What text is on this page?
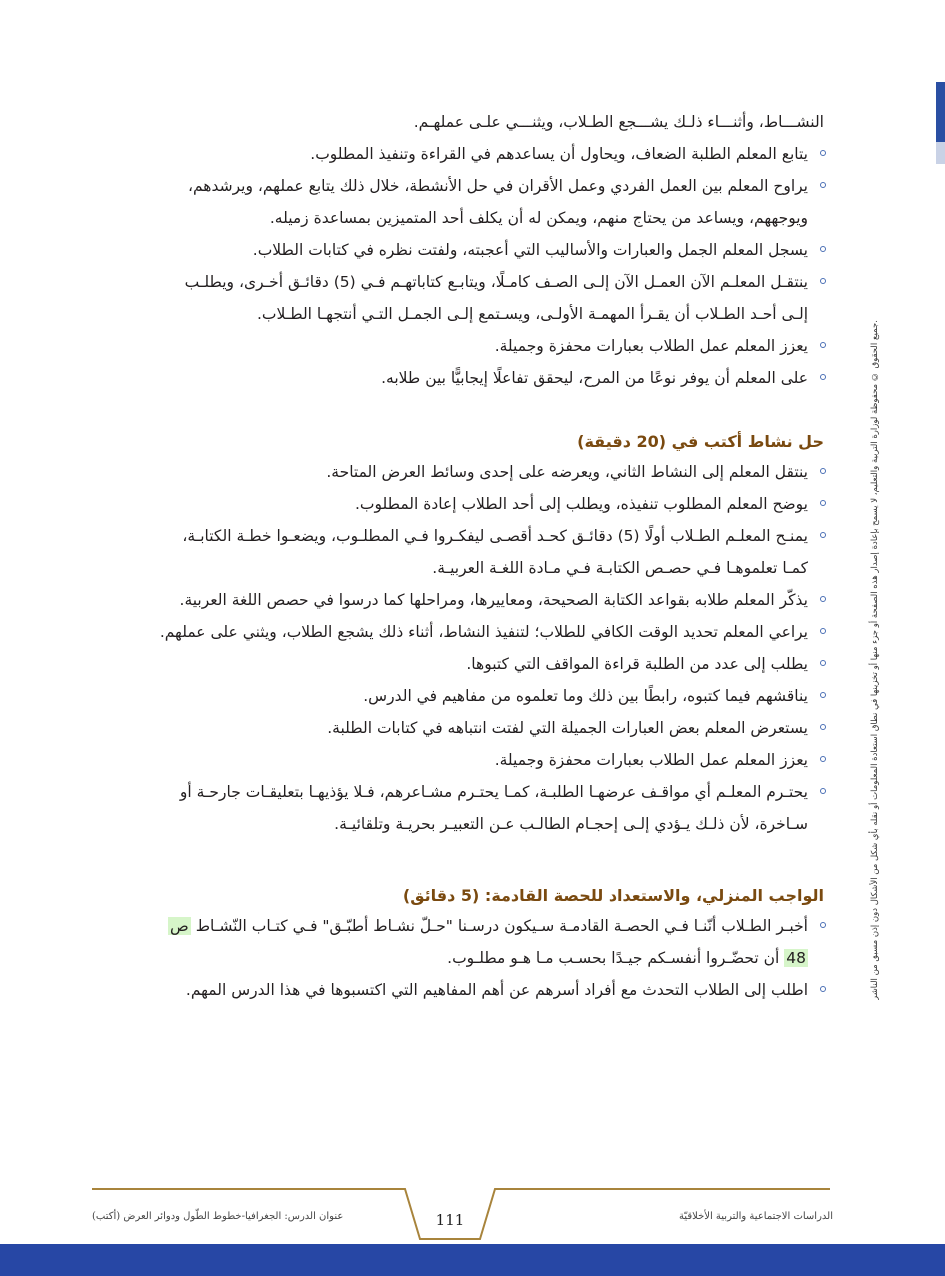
جميع الحقوق © محفوظة لوزارة التربية والتعليم، لا يسمح بإعادة إصدار هذه الصفحة أو جزء منها أو تخزينها في نطاق استعادة المعلومات أو نقله بأي شكل من الأشكال دون إذن مسبق من الناشر.
النشـــاط، وأثنـــاء ذلـك يشـــجع الطـلاب، ويثنـــي علـى عملهـم.
يتابع المعلم الطلبة الضعاف، ويحاول أن يساعدهم في القراءة وتنفيذ المطلوب.
يراوح المعلم بين العمل الفردي وعمل الأقران في حل الأنشطة، خلال ذلك يتابع عملهم، ويرشدهم،
ويوجههم، ويساعد من يحتاج منهم، ويمكن له أن يكلف أحد المتميزين بمساعدة زميله.
يسجل المعلم الجمل والعبارات والأساليب التي أعجبته، ولفتت نظره في كتابات الطلاب.
ينتقـل المعلـم الآن العمـل الآن إلـى الصـف كامـلًا، ويتابـع كتاباتهـم فـي (5) دقائـق أخـرى، ويطلـب
إلـى أحـد الطـلاب أن يقـرأ المهمـة الأولـى، ويسـتمع إلـى الجمـل التـي أنتجهـا الطـلاب.
يعزز المعلم عمل الطلاب بعبارات محفزة وجميلة.
على المعلم أن يوفر نوعًا من المرح، ليحقق تفاعلًا إيجابيًّا بين طلابه.
حل نشاط أكتب في (20 دقيقة)
ينتقل المعلم إلى النشاط الثاني، ويعرضه على إحدى وسائط العرض المتاحة.
يوضح المعلم المطلوب تنفيذه، ويطلب إلى أحد الطلاب إعادة المطلوب.
يمنـح المعلـم الطـلاب أولًا (5) دقائـق كحـد أقصـى ليفكـروا فـي المطلـوب، ويضعـوا خطـة الكتابـة،
كمـا تعلموهـا فـي حصـص الكتابـة فـي مـادة اللغـة العربيـة.
يذكّر المعلم طلابه بقواعد الكتابة الصحيحة، ومعاييرها، ومراحلها كما درسوا في حصص اللغة العربية.
يراعي المعلم تحديد الوقت الكافي للطلاب؛ لتنفيذ النشاط، أثناء ذلك يشجع الطلاب، ويثني على عملهم.
يطلب إلى عدد من الطلبة قراءة المواقف التي كتبوها.
يناقشهم فيما كتبوه، رابطًا بين ذلك وما تعلموه من مفاهيم في الدرس.
يستعرض المعلم بعض العبارات الجميلة التي لفتت انتباهه في كتابات الطلبة.
يعزز المعلم عمل الطلاب بعبارات محفزة وجميلة.
يحتـرم المعلـم أي مواقـف عرضهـا الطلبـة، كمـا يحتـرم مشـاعرهم، فـلا يؤذيهـا بتعليقـات جارحـة أو
سـاخرة، لأن ذلـك يـؤدي إلـى إحجـام الطالـب عـن التعبيـر بحريـة وتلقائيـة.
الواجب المنزلي، والاستعداد للحصة القادمة: (5 دقائق)
أخبـر الطـلاب أنّنـا فـي الحصـة القادمـة سـيكون درسـنا "حـلّ نشـاط أطبّـق" فـي كتـاب النّشـاط ص
48 أن تحضّـروا أنفسـكم جيـدًا بحسـب مـا هـو مطلـوب.
اطلب إلى الطلاب التحدث مع أفراد أسرهم عن أهم المفاهيم التي اكتسبوها في هذا الدرس المهم.
الدراسات الاجتماعية والتربية الأخلاقيّة
111
عنوان الدرس: الجغرافيا-خطوط الطّول ودوائر العرض (أكتب)
